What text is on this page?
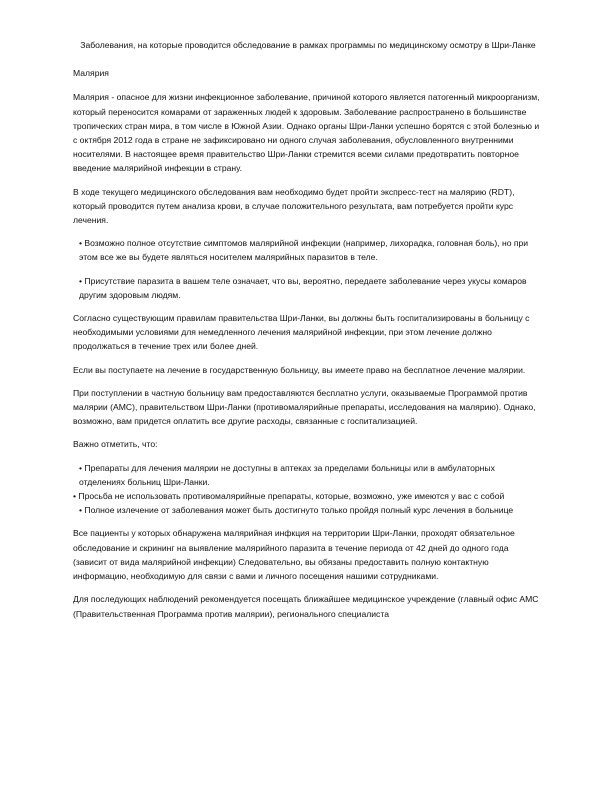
Заболевания, на которые проводится обследование в рамках программы по медицинскому осмотру в Шри-Ланке
Малярия

Малярия - опасное для жизни инфекционное заболевание, причиной которого является патогенный микроорганизм, который переносится комарами от зараженных людей к здоровым. Заболевание распространено в большинстве тропических стран мира, в том числе в Южной Азии. Однако органы Шри-Ланки успешно борятся с этой болезнью и с октября 2012 года в стране не зафиксировано ни одного случая заболевания, обусловленного внутренними носителями. В настоящее время правительство Шри-Ланки стремится всеми силами предотвратить повторное введение малярийной инфекции в страну.

В ходе текущего медицинского обследования вам необходимо будет пройти экспресс-тест на малярию (RDT), который проводится путем анализа крови, в случае положительного результата, вам потребуется пройти курс лечения.

• Возможно полное отсутствие симптомов малярийной инфекции (например, лихорадка, головная боль), но при этом все же вы будете являться носителем малярийных паразитов в теле.

• Присутствие паразита в вашем теле означает, что вы, вероятно, передаете заболевание через укусы комаров другим здоровым людям.

Согласно существующим правилам правительства Шри-Ланки, вы должны быть госпитализированы в больницу с необходимыми условиями для немедленного лечения малярийной инфекции, при этом лечение должно продолжаться в течение трех или более дней.

Если вы поступаете на лечение в государственную больницу, вы имеете право на бесплатное лечение малярии.

При поступлении в частную больницу вам предоставляются бесплатно услуги, оказываемые Программой против малярии (AMC), правительством Шри-Ланки (противомалярийные препараты, исследования на малярию). Однако, возможно, вам придется оплатить все другие расходы, связанные с госпитализацией.

Важно отметить, что:

• Препараты для лечения малярии не доступны в аптеках за пределами больницы или в амбулаторных отделениях больниц Шри-Ланки.
• Просьба не использовать противомалярийные препараты, которые, возможно, уже имеются у вас с собой
• Полное излечение от заболевания может быть достигнуто только пройдя полный курс лечения в больнице

Все пациенты у которых обнаружена малярийная инфкция на территории Шри-Ланки, проходят обязательное обследование и скрининг на выявление малярийного паразита в течение периода от 42 дней до одного года (зависит от вида малярийной инфекции) Следовательно, вы обязаны предоставить полную контактную информацию, необходимую для связи с вами и личного посещения нашими сотрудниками.

Для последующих наблюдений рекомендуется посещать ближайшее медицинское учреждение (главный офис AMC (Правительственная Программа против малярии), регионального специалиста
